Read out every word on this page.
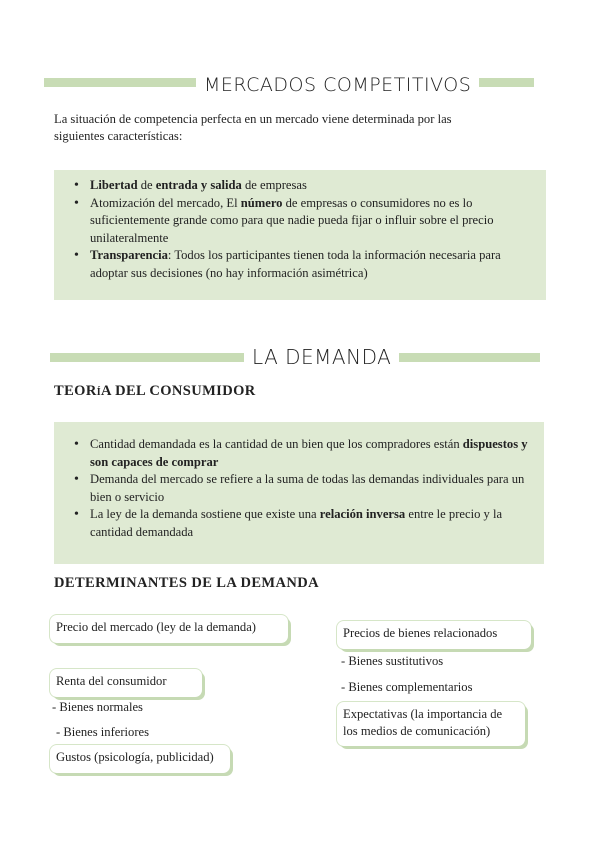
MERCADOS COMPETITIVOS

La situación de competencia perfecta en un mercado viene determinada por las

siguientes características:

• Libertad de entrada y salida de empresas
• Atomización del mercado, El número de empresas o consumidores no es lo suficientemente grande como para que nadie pueda fijar o influir sobre el precio unilateralmente
• Transparencia: Todos los participantes tienen toda la información necesaria para adoptar sus decisiones (no hay información asimétrica)
LA DEMANDA
TEORíA DEL CONSUMIDOR
• Cantidad demandada es la cantidad de un bien que los compradores están dispuestos y son capaces de comprar
• Demanda del mercado se refiere a la suma de todas las demandas individuales para un bien o servicio
• La ley de la demanda sostiene que existe una relación inversa entre le precio y la cantidad demandada
DETERMINANTES DE LA DEMANDA
Precio del mercado (ley de la demanda)
Renta del consumidor
- Bienes normales
- Bienes inferiores
Gustos (psicología, publicidad)
Precios de bienes relacionados
- Bienes sustitutivos
- Bienes complementarios
Expectativas (la importancia de los medios de comunicación)
